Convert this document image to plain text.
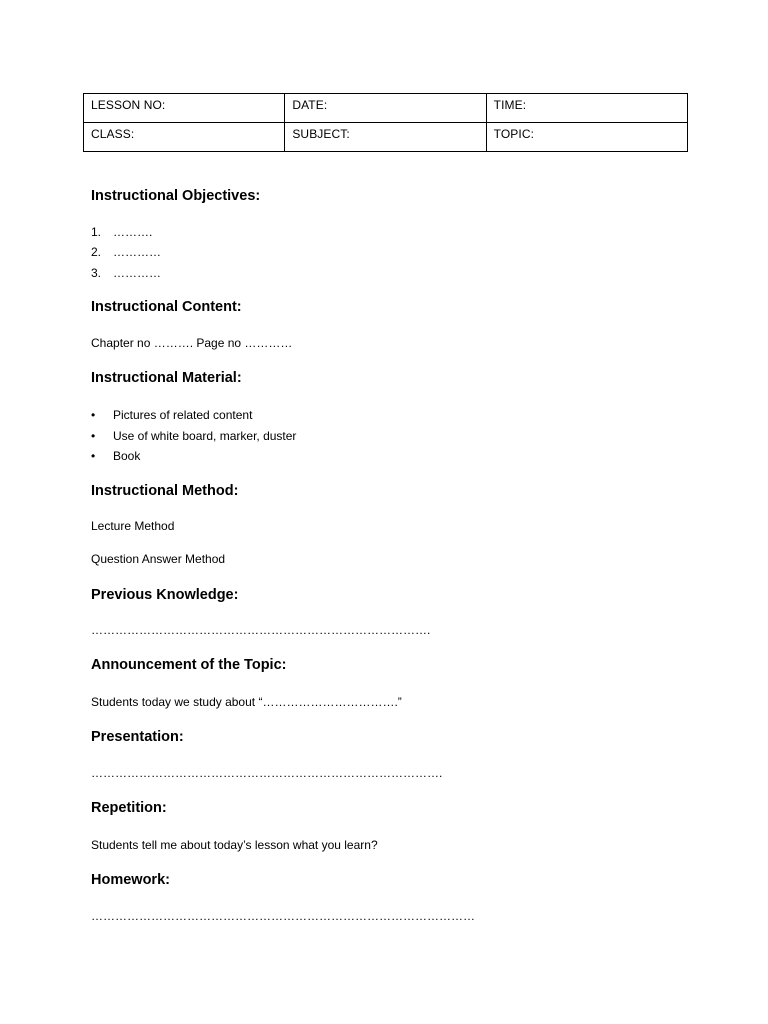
LESSON NO:	DATE:	TIME:
CLASS:	SUBJECT:	TOPIC:
Instructional Objectives:
1. ……….
2. …………
3. …………
Instructional Content:
Chapter no ………. Page no …………
Instructional Material:
• Pictures of related content
• Use of white board, marker, duster
• Book
Instructional Method:
Lecture Method
Question Answer Method
Previous Knowledge:
………………………………………………………………………….
Announcement of the Topic:
Students today we study about “…………………………….”
Presentation:
…………………………………………………………………………….
Repetition:
Students tell me about today’s lesson what you learn?
Homework:
……………………………………………………………………………………
